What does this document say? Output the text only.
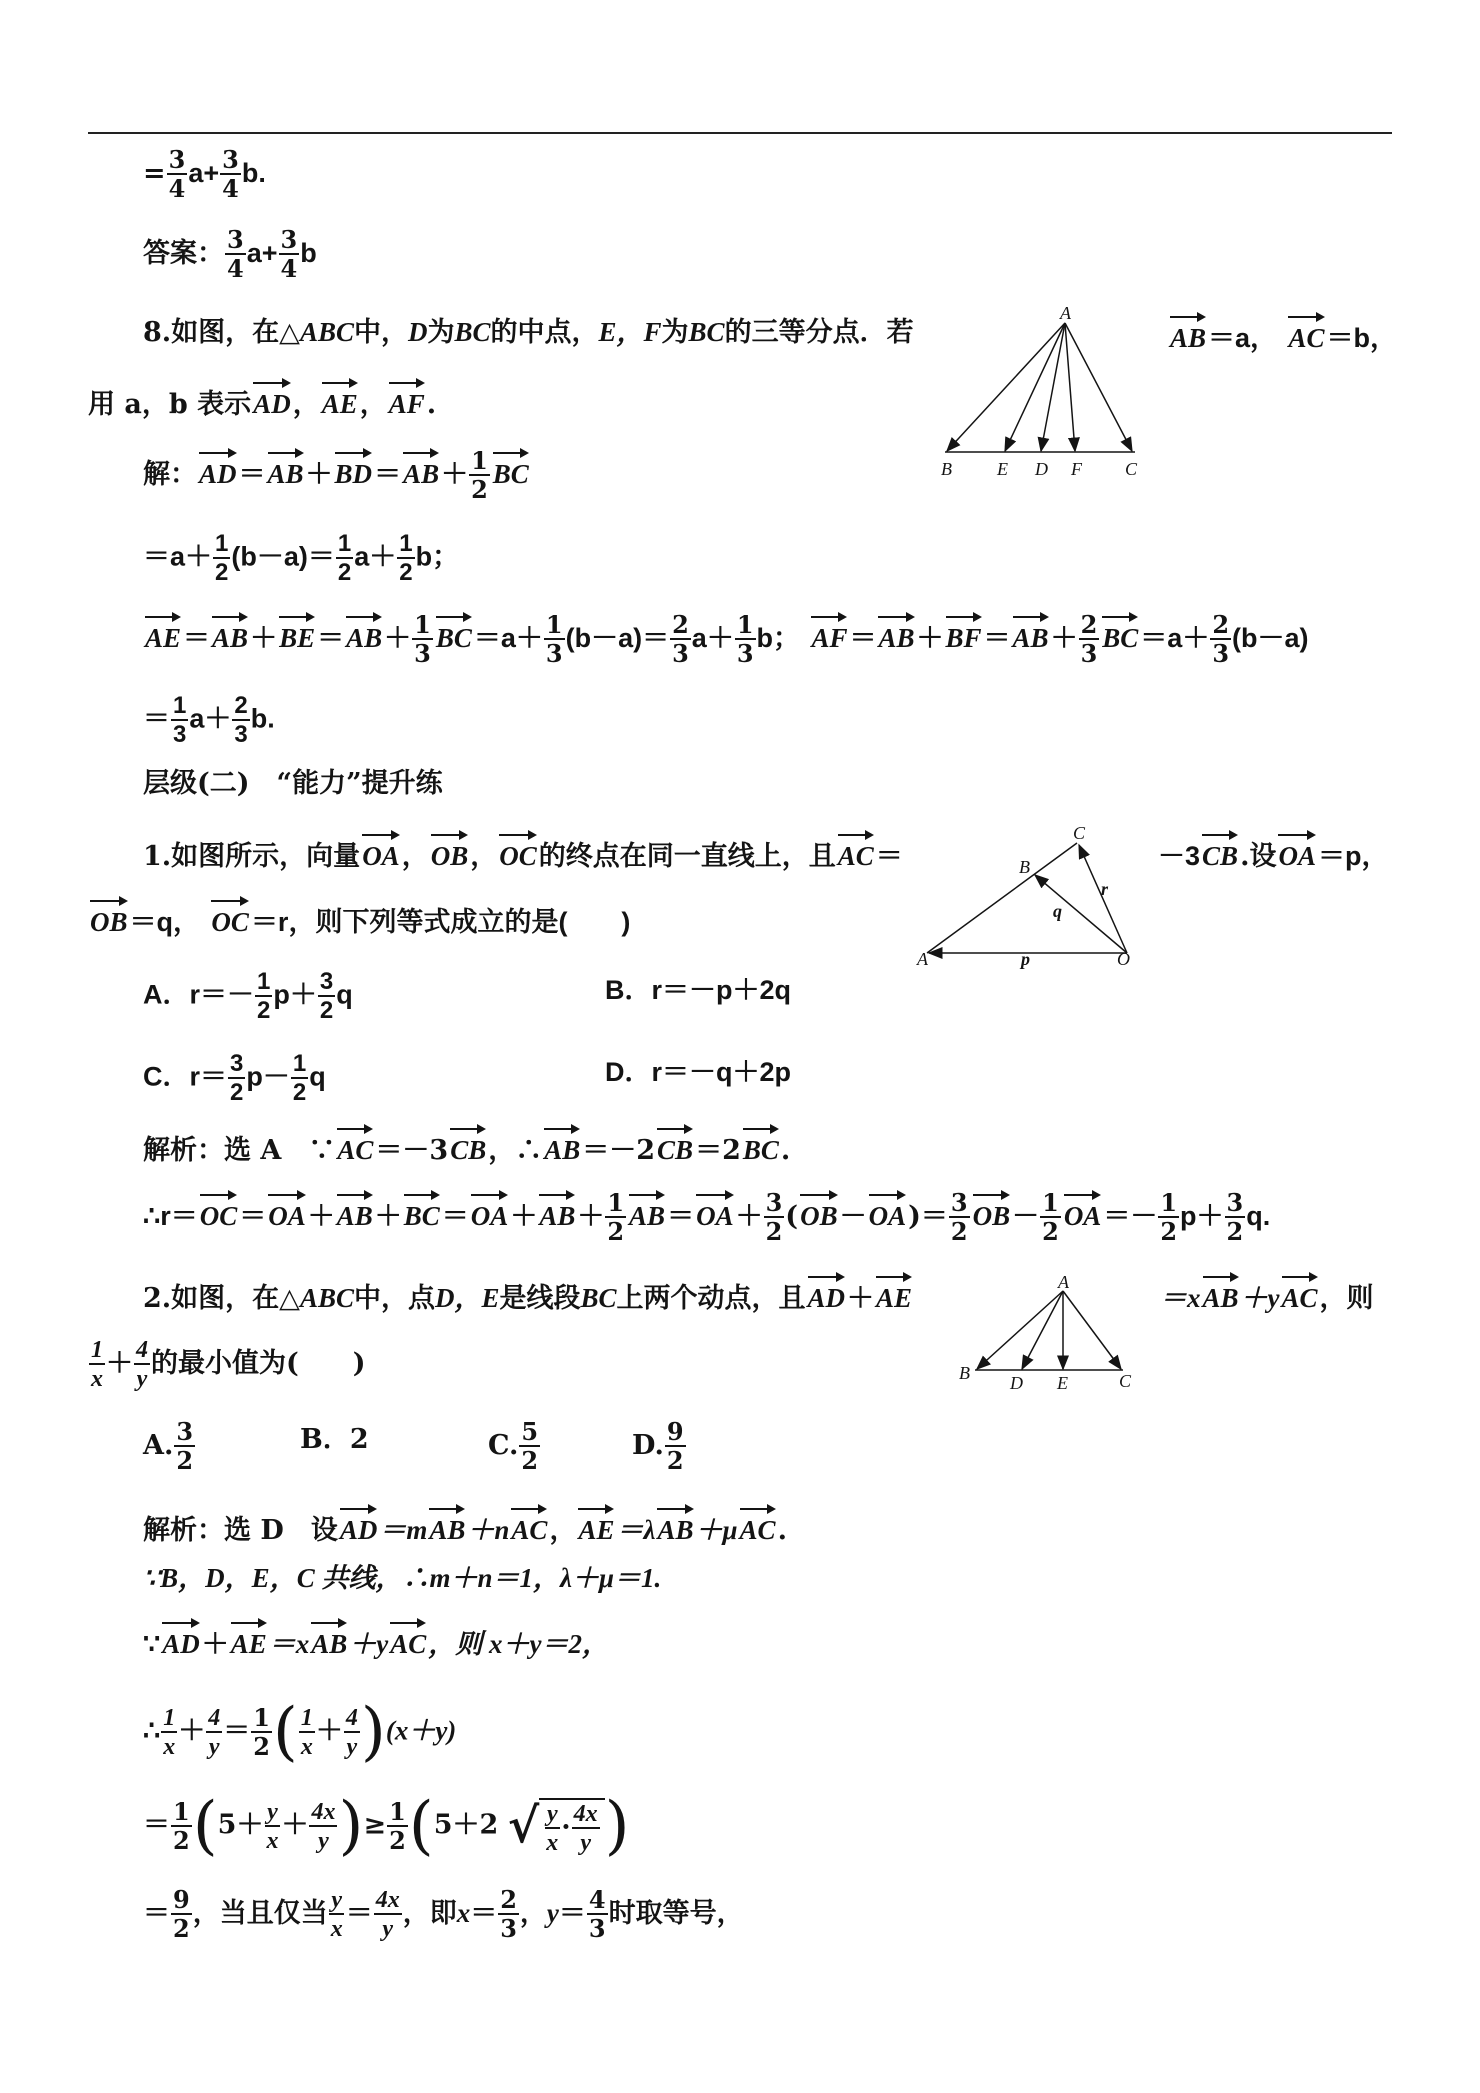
= $\frac{3}{4} a+ \frac{3}{4} b$.
答案： $\frac{3}{4} a+ \frac{3}{4}$ b
8.如图，在△ABC中，D为BC的中点，E，F为BC的三等分点．若	AB＝a， AC＝b，
A
B	E D F C
用 a，b 表示AD，AE，AF.
解：$AD=AB+BD=AB+ \frac{1}{2}$ BC
$=a+ \frac{1}{2} (b-a)= \frac{1}{2} a+ \frac{1}{2}$ b；
$AE=AB+BE=AB+ \frac{1}{3} BC=a+ \frac{1}{3} (b-a)= \frac{2}{3} a+ \frac{1}{3}$ b； $AF=AB+BF=AB+ \frac{2}{3} BC=a+ \frac{2}{3} (b-a)$
＝ $\frac{1}{3} a+ \frac{2}{3} b$.
层级(二)　“能力”提升练
1.如图所示，向量OA，OB，OC的终点在同一直线上，且AC＝	－3CB.设OA＝p，
OB＝q， OC＝r，则下列等式成立的是(　　)
C
B
r
q
A	p	O
A．$r=- \frac{1}{2} p+ \frac{3}{2}$ q	B．r＝－p＋2q
C．$r= \frac{3}{2} p- \frac{1}{2}$ q	D．r＝－q＋2p
解析：选 A　∵AC＝－3CB，∴AB＝－2CB＝2BC.
∴r＝OC＝OA＋AB＋BC＝OA＋AB＋ $\frac{1}{2} AB=OA+ \frac{3}{2} (OB-OA)= \frac{3}{2} OB- \frac{1}{2} OA=- \frac{1}{2} p+ \frac{3}{2} q$.
2.如图，在△ABC中，点D，E是线段BC上两个动点，且AD＋AE	＝xAB＋yAC，则
$\frac{1}{x} + \frac{4}{y}$ 的最小值为(　　)
A
B D E	C
A. $\frac{3}{2}$	B．2	C. $\frac{5}{2}$	D. $\frac{9}{2}$
解析：选 D　 设AD＝mAB＋nAC，AE＝λAB＋μAC.
∵B，D，E，C 共线，∴m＋n＝1，λ＋μ＝1.
∵AD＋AE＝xAB＋yAC，则 x＋y＝2，
∴ $\frac{1}{x} + \frac{4}{y} = \frac{1}{2}$ ( $\frac{1}{x} + \frac{4}{y} )(x+y)$
＝ $\frac{1}{2} (5+ \frac{y}{x} + \frac{4x}{y}$ )≥ $\frac{1}{2} (5+2$ √ $\frac{y}{x} \cdot \frac{4x}{y}$ )
＝ $\frac{9}{2}$ ，当且仅当 $\frac{y}{x} = \frac{4x}{y}$ ，即$x= \frac{2}{3}$ ，$y= \frac{4}{3}$ 时取等号，
